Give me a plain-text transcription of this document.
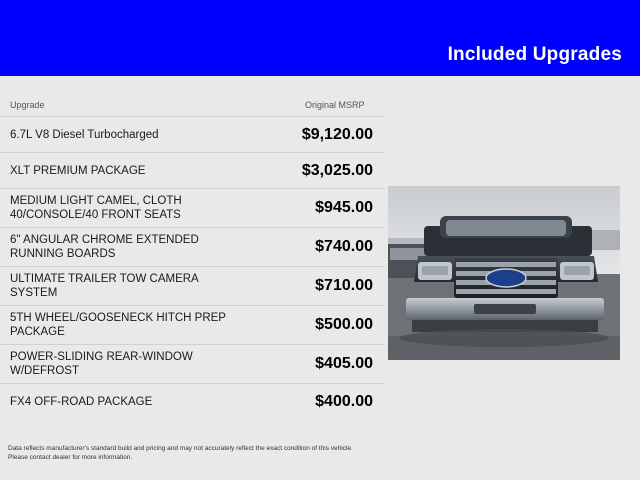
Included Upgrades
Upgrade	Original MSRP
6.7L V8 Diesel Turbocharged	$9,120.00
XLT PREMIUM PACKAGE	$3,025.00
MEDIUM LIGHT CAMEL, CLOTH 40/CONSOLE/40 FRONT SEATS	$945.00
6" ANGULAR CHROME EXTENDED RUNNING BOARDS	$740.00
ULTIMATE TRAILER TOW CAMERA SYSTEM	$710.00
5TH WHEEL/GOOSENECK HITCH PREP PACKAGE	$500.00
POWER-SLIDING REAR-WINDOW W/DEFROST	$405.00
FX4 OFF-ROAD PACKAGE	$400.00
Data reflects manufacturer's standard build and pricing and may not accurately reflect the exact condition of this vehicle.
Please contact dealer for more information.
